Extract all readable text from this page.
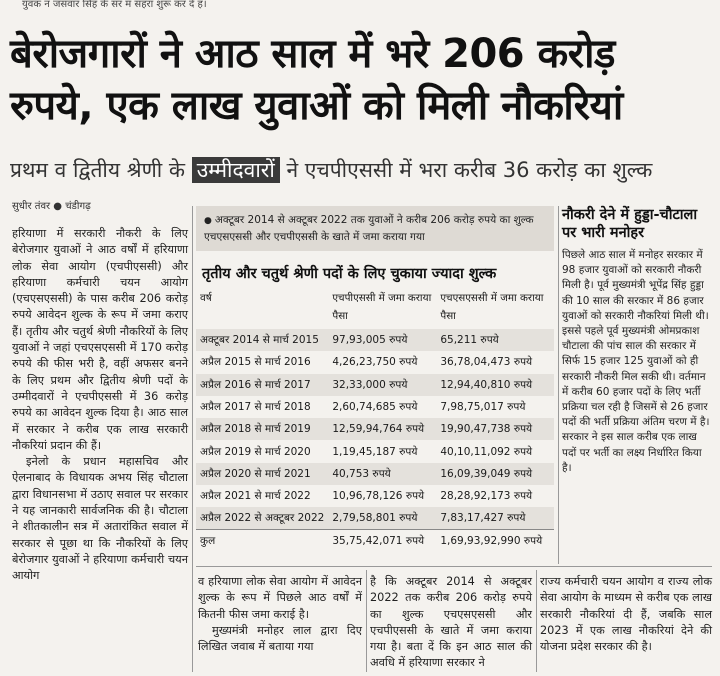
युवक न जसवार सिह के सर म सहरा शुरू कर दे ह।
बेरोजगारों ने आठ साल में भरे 206 करोड़
रुपये, एक लाख युवाओं को मिली नौकरियां
प्रथम व द्वितीय श्रेणी के उम्मीदवारों ने एचपीएससी में भरा करीब 36 करोड़ का शुल्क
सुधीर तंवर ● चंडीगढ़

हरियाणा में सरकारी नौकरी के लिए बेरोजगार युवाओं ने आठ वर्षों में हरियाणा लोक सेवा आयोग (एचपीएससी) और हरियाणा कर्मचारी चयन आयोग (एचएसएससी) के पास करीब 206 करोड़ रुपये आवेदन शुल्क के रूप में जमा कराए हैं। तृतीय और चतुर्थ श्रेणी नौकरियों के लिए युवाओं ने जहां एचएसएससी में 170 करोड़ रुपये की फीस भरी है, वहीं अफसर बनने के लिए प्रथम और द्वितीय श्रेणी पदों के उम्मीदवारों ने एचपीएससी में 36 करोड़ रुपये का आवेदन शुल्क दिया है। आठ साल में सरकार ने करीब एक लाख सरकारी नौकरियां प्रदान की हैं।

इनेलो के प्रधान महासचिव और ऐलनाबाद के विधायक अभय सिंह चौटाला द्वारा विधानसभा में उठाए सवाल पर सरकार ने यह जानकारी सार्वजनिक की है। चौटाला ने शीतकालीन सत्र में अतारांकित सवाल में सरकार से पूछा था कि नौकरियों के लिए बेरोजगार युवाओं ने हरियाणा कर्मचारी चयन आयोग

● अक्टूबर 2014 से अक्टूबर 2022 तक युवाओं ने करीब 206 करोड़ रुपये का शुल्क एचएसएससी और एचपीएससी के खाते में जमा कराया गया
तृतीय और चतुर्थ श्रेणी पदों के लिए चुकाया ज्यादा शुल्क
वर्ष	एचपीएससी में जमा कराया पैसा	एचएसएससी में जमा कराया पैसा
अक्टूबर 2014 से मार्च 2015	97,93,005 रुपये	65,211 रुपये
अप्रैल 2015 से मार्च 2016	4,26,23,750 रुपये	36,78,04,473 रुपये
अप्रैल 2016 से मार्च 2017	32,33,000 रुपये	12,94,40,810 रुपये
अप्रैल 2017 से मार्च 2018	2,60,74,685 रुपये	7,98,75,017 रुपये
अप्रैल 2018 से मार्च 2019	12,59,94,764 रुपये	19,90,47,738 रुपये
अप्रैल 2019 से मार्च 2020	1,19,45,187 रुपये	40,10,11,092 रुपये
अप्रैल 2020 से मार्च 2021	40,753 रुपये	16,09,39,049 रुपये
अप्रैल 2021 से मार्च 2022	10,96,78,126 रुपये	28,28,92,173 रुपये
अप्रैल 2022 से अक्टूबर 2022	2,79,58,801 रुपये	7,83,17,427 रुपये
कुल	35,75,42,071 रुपये	1,69,93,92,990 रुपये
नौकरी देने में हुड्डा-चौटाला पर भारी मनोहर
पिछले आठ साल में मनोहर सरकार में 98 हजार युवाओं को सरकारी नौकरी मिली है। पूर्व मुख्यमंत्री भूपेंद्र सिंह हुड्डा की 10 साल की सरकार में 86 हजार युवाओं को सरकारी नौकरियां मिली थी। इससे पहले पूर्व मुख्यमंत्री ओमप्रकाश चौटाला की पांच साल की सरकार में सिर्फ 15 हजार 125 युवाओं को ही सरकारी नौकरी मिल सकी थी। वर्तमान में करीब 60 हजार पदों के लिए भर्ती प्रक्रिया चल रही है जिसमें से 26 हजार पदों की भर्ती प्रक्रिया अंतिम चरण में है। सरकार ने इस साल करीब एक लाख पदों पर भर्ती का लक्ष्य निर्धारित किया है।

व हरियाणा लोक सेवा आयोग में आवेदन शुल्क के रूप में पिछले आठ वर्षों में कितनी फीस जमा कराई है।

मुख्यमंत्री मनोहर लाल द्वारा दिए लिखित जवाब में बताया गया

है कि अक्टूबर 2014 से अक्टूबर 2022 तक करीब 206 करोड़ रुपये का शुल्क एचएसएससी और एचपीएससी के खाते में जमा कराया गया है। बता दें कि इन आठ साल की अवधि में हरियाणा सरकार ने

राज्य कर्मचारी चयन आयोग व राज्य लोक सेवा आयोग के माध्यम से करीब एक लाख सरकारी नौकरियां दी हैं, जबकि साल 2023 में एक लाख नौकरियां देने की योजना प्रदेश सरकार की है।
